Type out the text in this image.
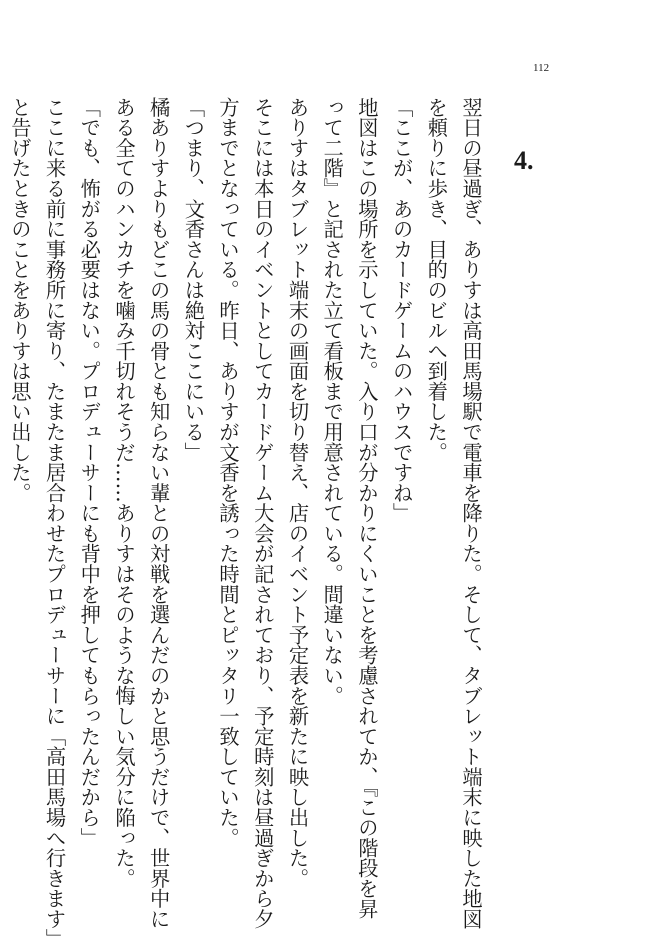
112
4.
翌日の昼過ぎ、ありすは高田馬場駅で電車を降りた。そして、タブレット端末に映した地図
を頼りに歩き、目的のビルへ到着した。
「ここが、あのカードゲームのハウスですね」
地図はこの場所を示していた。入り口が分かりにくいことを考慮されてか、『この階段を昇
って二階』と記された立て看板まで用意されている。間違いない。
ありすはタブレット端末の画面を切り替え、店のイベント予定表を新たに映し出した。
そこには本日のイベントとしてカードゲーム大会が記されており、予定時刻は昼過ぎから夕
方までとなっている。昨日、ありすが文香を誘った時間とピッタリ一致していた。
「つまり、文香さんは絶対ここにいる」
橘ありすよりもどこの馬の骨とも知らない輩との対戦を選んだのかと思うだけで、世界中に
ある全てのハンカチを噛み千切れそうだ……ありすはそのような悔しい気分に陥った。
「でも、怖がる必要はない。プロデューサーにも背中を押してもらったんだから」
ここに来る前に事務所に寄り、たまたま居合わせたプロデューサーに「高田馬場へ行きます」
と告げたときのことをありすは思い出した。
